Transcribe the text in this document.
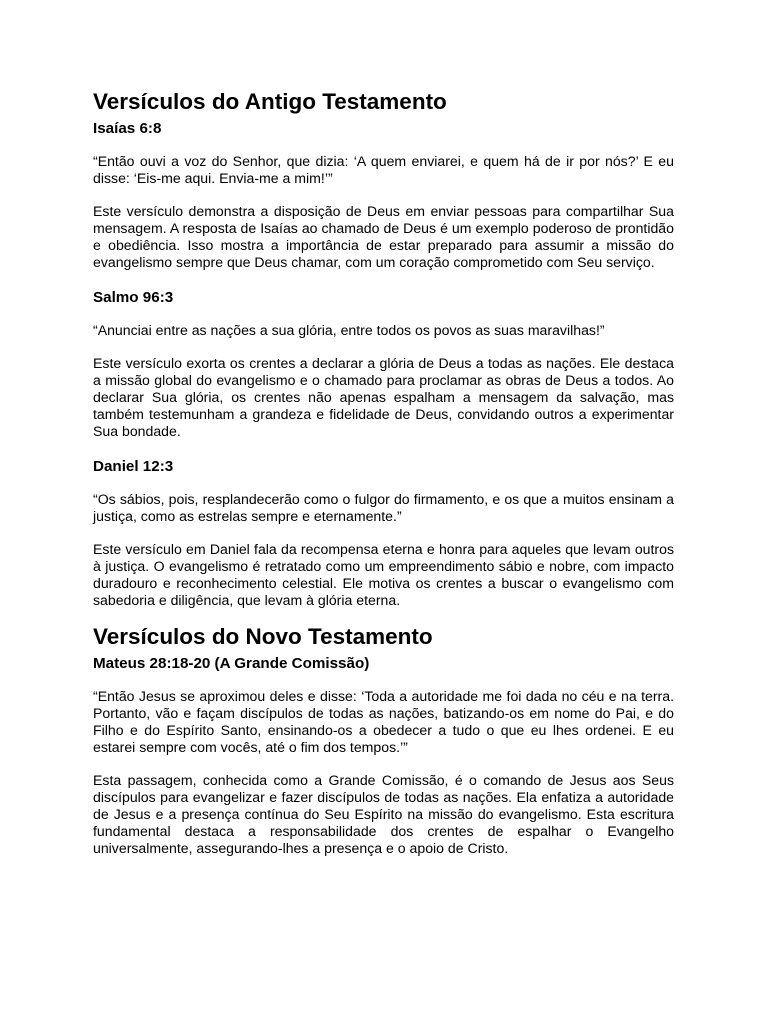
Versículos do Antigo Testamento
Isaías 6:8

“Então ouvi a voz do Senhor, que dizia: ‘A quem enviarei, e quem há de ir por nós?’ E eu disse: ‘Eis-me aqui. Envia-me a mim!’”

Este versículo demonstra a disposição de Deus em enviar pessoas para compartilhar Sua mensagem. A resposta de Isaías ao chamado de Deus é um exemplo poderoso de prontidão e obediência. Isso mostra a importância de estar preparado para assumir a missão do evangelismo sempre que Deus chamar, com um coração comprometido com Seu serviço.

Salmo 96:3

“Anunciai entre as nações a sua glória, entre todos os povos as suas maravilhas!”

Este versículo exorta os crentes a declarar a glória de Deus a todas as nações. Ele destaca a missão global do evangelismo e o chamado para proclamar as obras de Deus a todos. Ao declarar Sua glória, os crentes não apenas espalham a mensagem da salvação, mas também testemunham a grandeza e fidelidade de Deus, convidando outros a experimentar Sua bondade.

Daniel 12:3

“Os sábios, pois, resplandecerão como o fulgor do firmamento, e os que a muitos ensinam a justiça, como as estrelas sempre e eternamente.”

Este versículo em Daniel fala da recompensa eterna e honra para aqueles que levam outros à justiça. O evangelismo é retratado como um empreendimento sábio e nobre, com impacto duradouro e reconhecimento celestial. Ele motiva os crentes a buscar o evangelismo com sabedoria e diligência, que levam à glória eterna.

Versículos do Novo Testamento
Mateus 28:18-20 (A Grande Comissão)

“Então Jesus se aproximou deles e disse: ‘Toda a autoridade me foi dada no céu e na terra. Portanto, vão e façam discípulos de todas as nações, batizando-os em nome do Pai, e do Filho e do Espírito Santo, ensinando-os a obedecer a tudo o que eu lhes ordenei. E eu estarei sempre com vocês, até o fim dos tempos.’”

Esta passagem, conhecida como a Grande Comissão, é o comando de Jesus aos Seus discípulos para evangelizar e fazer discípulos de todas as nações. Ela enfatiza a autoridade de Jesus e a presença contínua do Seu Espírito na missão do evangelismo. Esta escritura fundamental destaca a responsabilidade dos crentes de espalhar o Evangelho universalmente, assegurando-lhes a presença e o apoio de Cristo.
